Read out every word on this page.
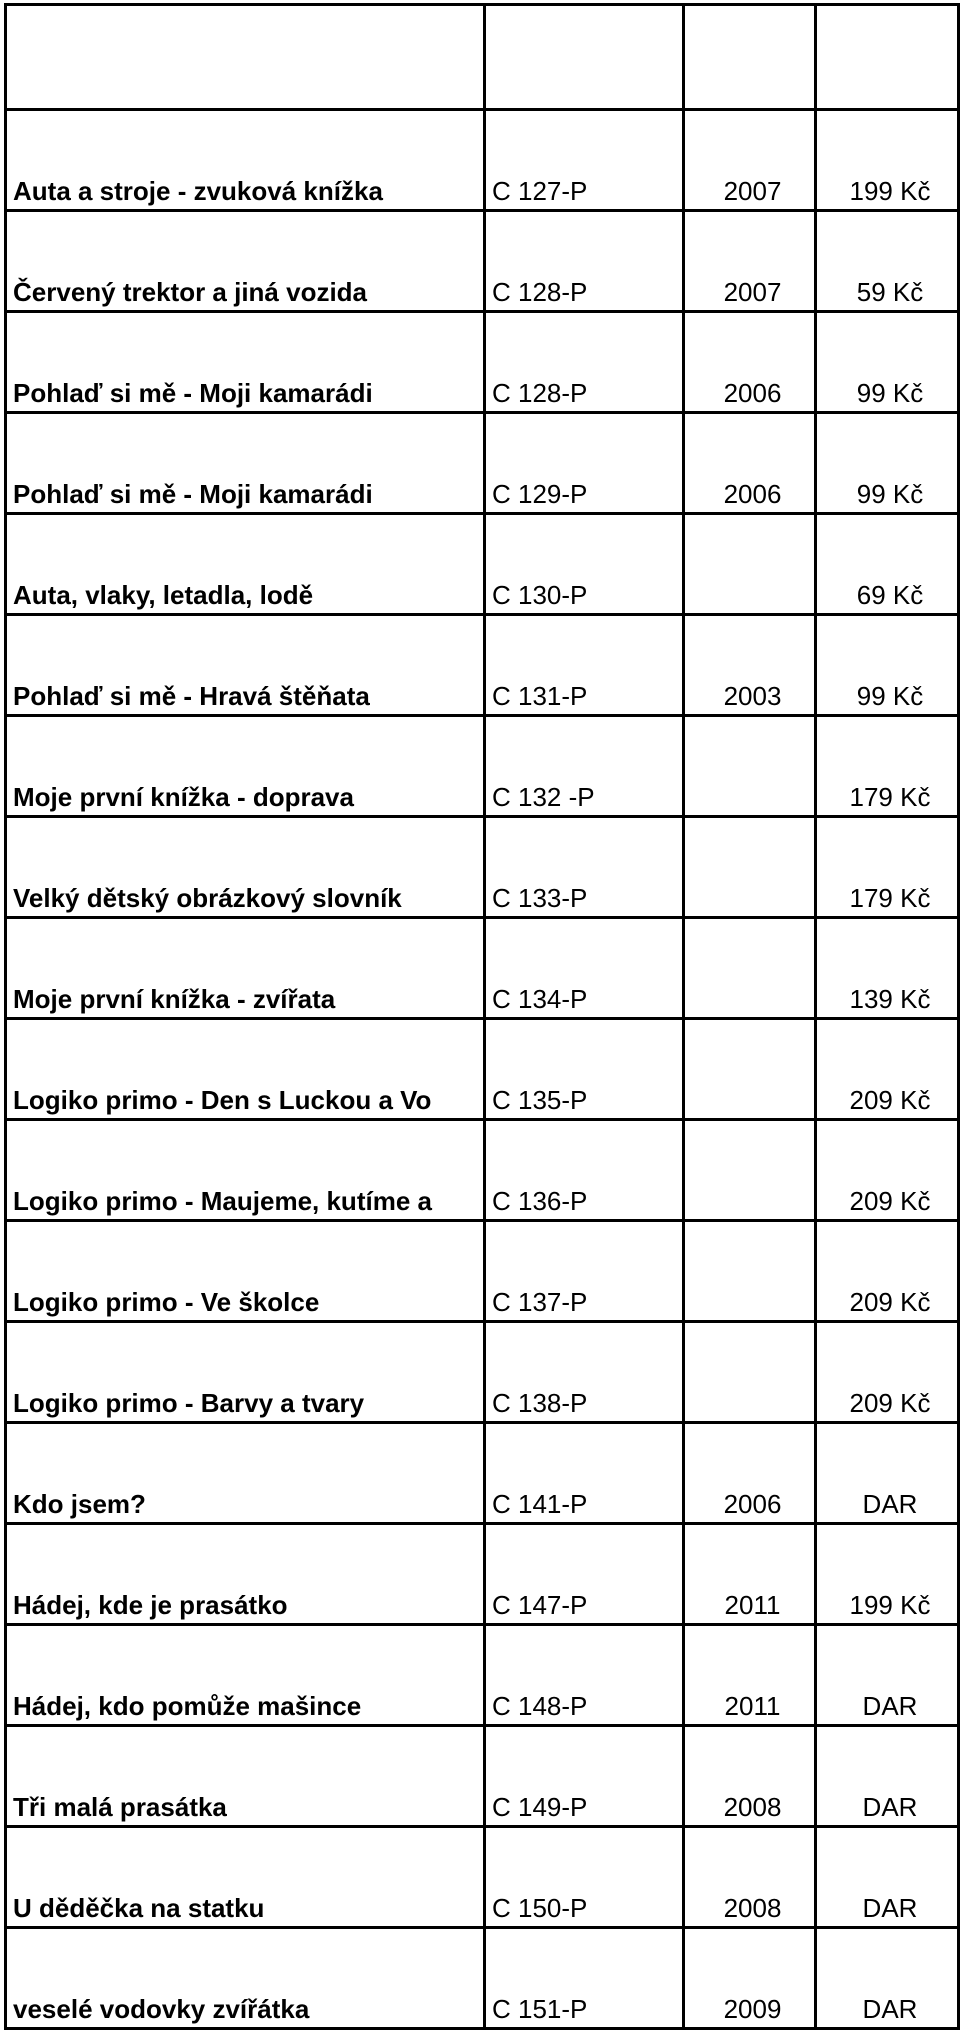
Auta a stroje - zvuková knížka	C 127-P	2007	199 Kč

Červený trektor a jiná vozida	C 128-P	2007	59 Kč

Pohlaď si mě - Moji kamarádi	C 128-P	2006	99 Kč

Pohlaď si mě - Moji kamarádi	C 129-P	2006	99 Kč

Auta, vlaky, letadla, lodě	C 130-P		69 Kč

Pohlaď si mě - Hravá štěňata	C 131-P	2003	99 Kč

Moje první knížka - doprava	C 132 -P		179 Kč

Velký dětský obrázkový slovník	C 133-P		179 Kč

Moje první knížka - zvířata	C 134-P		139 Kč

Logiko primo - Den s Luckou a Vo	C 135-P		209 Kč

Logiko primo - Maujeme, kutíme a	C 136-P		209 Kč

Logiko primo - Ve školce	C 137-P		209 Kč

Logiko primo - Barvy a tvary	C 138-P		209 Kč

Kdo jsem?	C 141-P	2006	DAR

Hádej, kde je prasátko	C 147-P	2011	199 Kč

Hádej, kdo pomůže mašince	C 148-P	2011	DAR

Tři malá prasátka	C 149-P	2008	DAR

U děděčka na statku	C 150-P	2008	DAR

veselé vodovky zvířátka	C 151-P	2009	DAR
